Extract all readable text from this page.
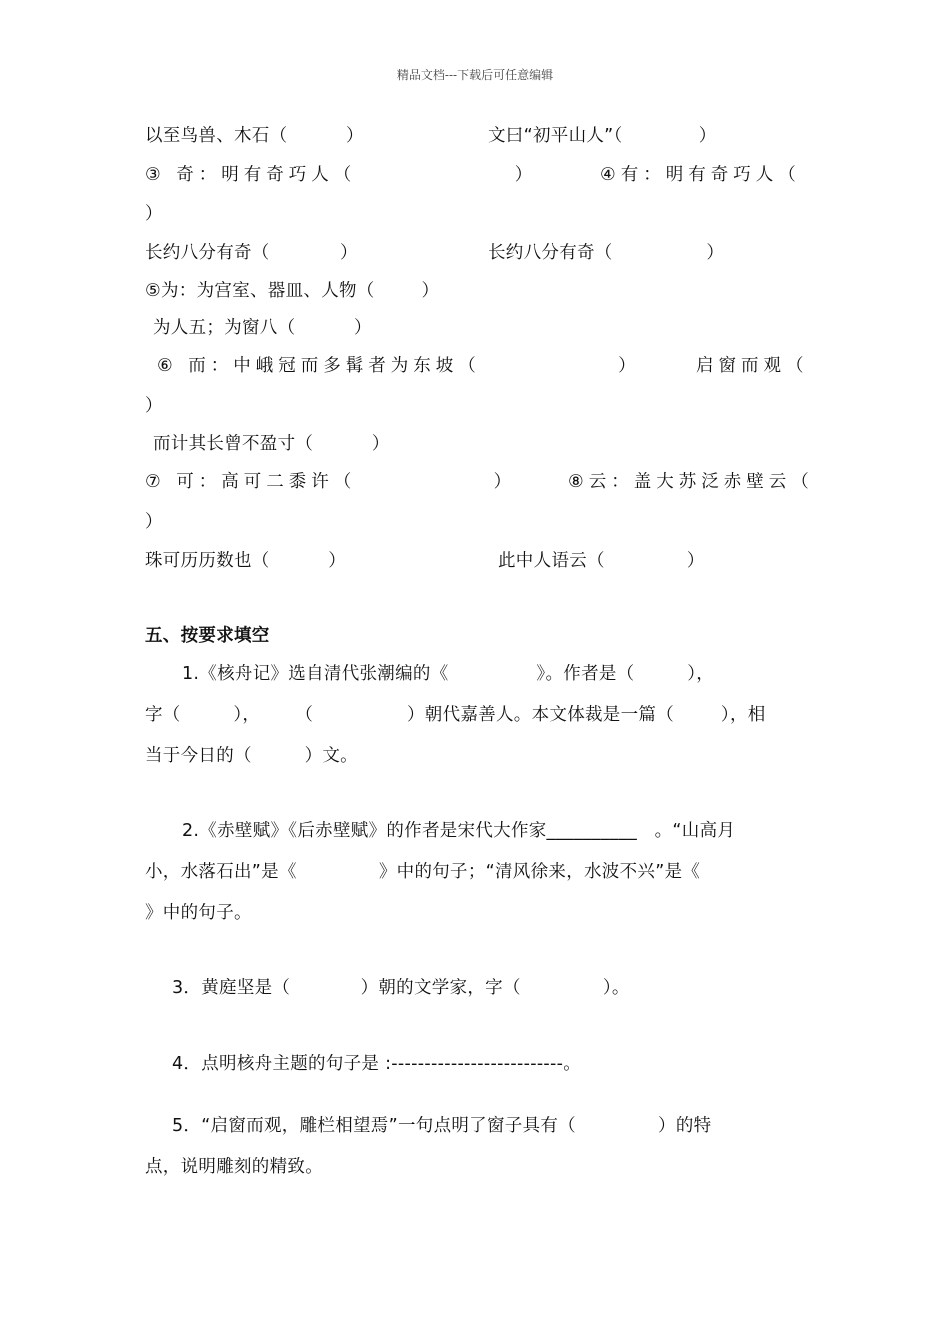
精品文档---下载后可任意编辑
以至鸟兽、木石（          ）	文曰“初平山人”（             ）
③ 奇：明有奇巧人（               ）	④有：明有奇巧人（
）
长约八分有奇（            ）	长约八分有奇（                ）
⑤为：为宫室、器皿、人物（        ）
为人五；为窗八（          ）
⑥ 而：中峨冠而多髯者为东坡（             ）	启窗而观（
）
而计其长曾不盈寸（          ）
⑦ 可：高可二黍许（             ）	⑧云：盖大苏泛赤壁云（
）
珠可历历数也（          ）	此中人语云（              ）
五、按要求填空
1.《核舟记》选自清代张潮编的《               》。作者是（         ），
字（         ），      （                ）朝代嘉善人。本文体裁是一篇（        ），相
当于今日的（         ）文。
2.《赤壁赋》《后赤壁赋》的作者是宋代大作家__________   。“山高月
小，水落石出”是《              》中的句子；“清风徐来，水波不兴”是《
》中的句子。
3．黄庭坚是（            ）朝的文学家，字（              ）。
4．点明核舟主题的句子是 :--------------------------。
5．“启窗而观，雕栏相望焉”一句点明了窗子具有（              ）的特
点，说明雕刻的精致。
